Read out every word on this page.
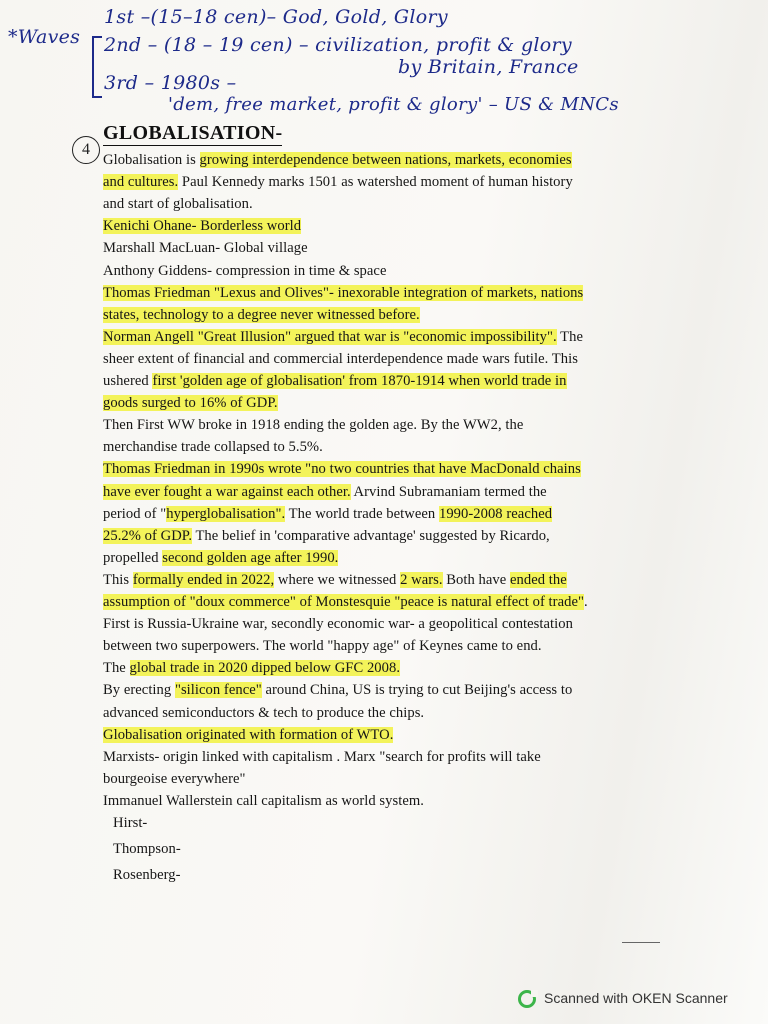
*Waves
1st –(15–18 cen)– God, Gold, Glory
2nd – (18 – 19 cen) – civilization, profit & glory
by Britain, France
3rd – 1980s –
'dem, free market, profit & glory' – US & MNCs
4
GLOBALISATION-
Globalisation is growing interdependence between nations, markets, economies
and cultures. Paul Kennedy marks 1501 as watershed moment of human history
and start of globalisation.
Kenichi Ohane- Borderless world
Marshall MacLuan- Global village
Anthony Giddens- compression in time & space
Thomas Friedman "Lexus and Olives"- inexorable integration of markets, nations
states, technology to a degree never witnessed before.
Norman Angell "Great Illusion" argued that war is "economic impossibility". The
sheer extent of financial and commercial interdependence made wars futile. This
ushered first 'golden age of globalisation' from 1870-1914 when world trade in
goods surged to 16% of GDP.
Then First WW broke in 1918 ending the golden age. By the WW2, the
merchandise trade collapsed to 5.5%.
Thomas Friedman in 1990s wrote "no two countries that have MacDonald chains
have ever fought a war against each other. Arvind Subramaniam termed the
period of "hyperglobalisation". The world trade between 1990-2008 reached
25.2% of GDP. The belief in 'comparative advantage' suggested by Ricardo,
propelled second golden age after 1990.
This formally ended in 2022, where we witnessed 2 wars. Both have ended the
assumption of "doux commerce" of Monstesquie "peace is natural effect of trade".
First is Russia-Ukraine war, secondly economic war- a geopolitical contestation
between two superpowers. The world "happy age" of Keynes came to end.
The global trade in 2020 dipped below GFC 2008.
By erecting "silicon fence" around China, US is trying to cut Beijing's access to
advanced semiconductors & tech to produce the chips.
Globalisation originated with formation of WTO.
Marxists- origin linked with capitalism . Marx "search for profits will take
bourgeoise everywhere"
Immanuel Wallerstein call capitalism as world system.
Hirst-
Thompson-
Rosenberg-
Scanned with OKEN Scanner
